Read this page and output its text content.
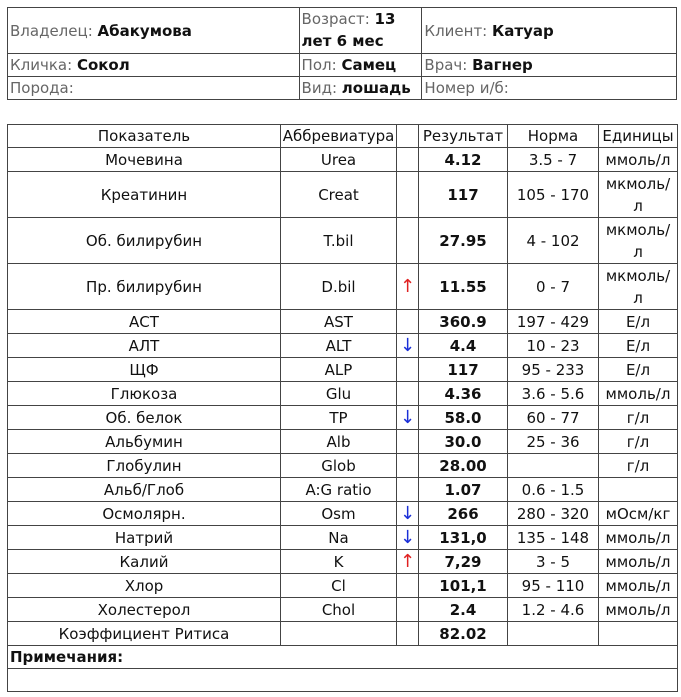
Владелец: Абакумова	Возраст: 13 лет 6 мес	Клиент: Катуар
Кличка: Сокол	Пол: Самец	Врач: Вагнер
Порода:	Вид: лошадь	Номер и/б:
Показатель	Аббревиатура		Результат	Норма	Единицы
Мочевина	Urea		4.12	3.5 - 7	ммоль/л
Креатинин	Creat		117	105 - 170	мкмоль/ л
Об. билирубин	T.bil		27.95	4 - 102	мкмоль/ л
Пр. билирубин	D.bil	↑	11.55	0 - 7	мкмоль/ л
АСТ	AST		360.9	197 - 429	Е/л
АЛТ	ALT	↓	4.4	10 - 23	Е/л
ЩФ	ALP		117	95 - 233	Е/л
Глюкоза	Glu		4.36	3.6 - 5.6	ммоль/л
Об. белок	TP	↓	58.0	60 - 77	г/л
Альбумин	Alb		30.0	25 - 36	г/л
Глобулин	Glob		28.00		г/л
Альб/Глоб	A:G ratio		1.07	0.6 - 1.5	
Осмолярн.	Osm	↓	266	280 - 320	мОсм/кг
Натрий	Na	↓	131,0	135 - 148	ммоль/л
Калий	K	↑	7,29	3 - 5	ммоль/л
Хлор	Cl		101,1	95 - 110	ммоль/л
Холестерол	Chol		2.4	1.2 - 4.6	ммоль/л
Коэффициент Ритиса			82.02		
Примечания:					
